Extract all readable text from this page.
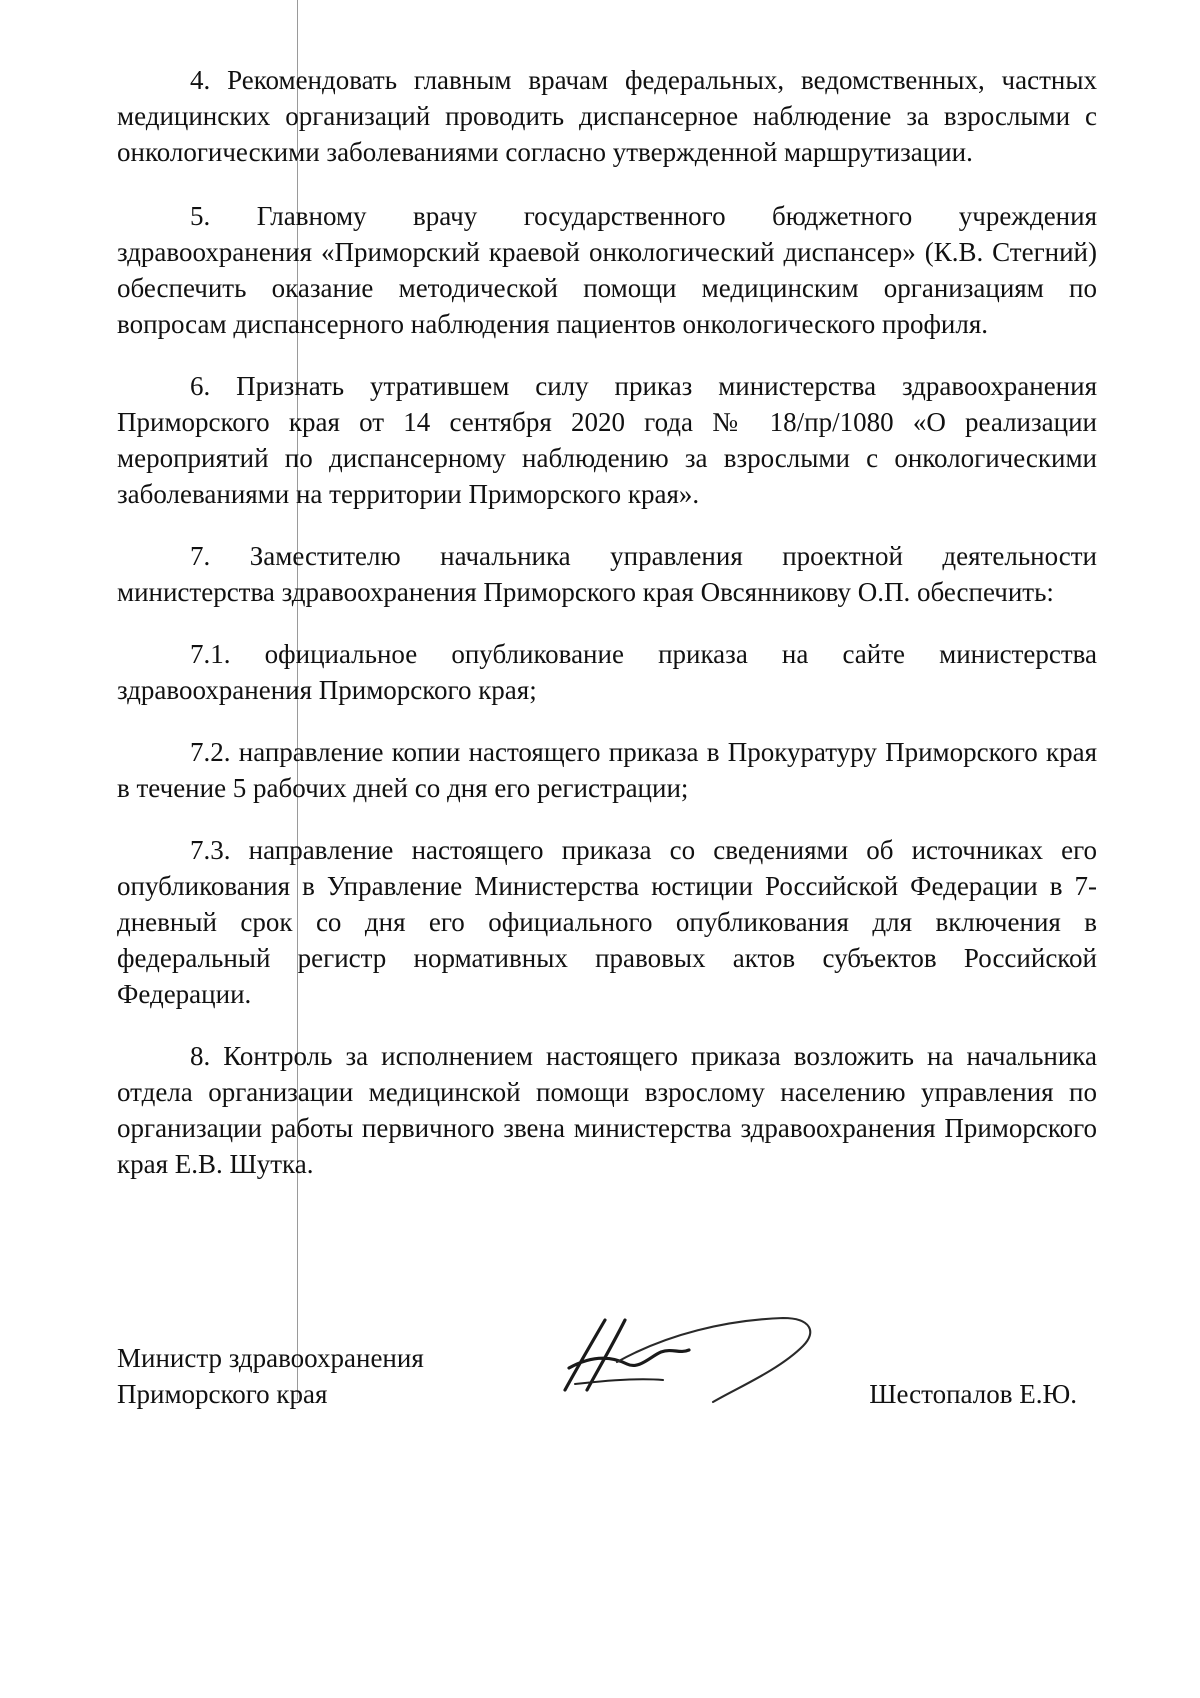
4. Рекомендовать главным врачам федеральных, ведомственных, частных медицинских организаций проводить диспансерное наблюдение за взрослыми с онкологическими заболеваниями согласно утвержденной маршрутизации.

5. Главному врачу государственного бюджетного учреждения здравоохранения «Приморский краевой онкологический диспансер» (К.В. Стегний) обеспечить оказание методической помощи медицинским организациям по вопросам диспансерного наблюдения пациентов онкологического профиля.

6. Признать утратившем силу приказ министерства здравоохранения Приморского края от 14 сентября 2020 года № 18/пр/1080 «О реализации мероприятий по диспансерному наблюдению за взрослыми с онкологическими заболеваниями на территории Приморского края».

7. Заместителю начальника управления проектной деятельности министерства здравоохранения Приморского края Овсянникову О.П. обеспечить:

7.1. официальное опубликование приказа на сайте министерства здравоохранения Приморского края;

7.2. направление копии настоящего приказа в Прокуратуру Приморского края в течение 5 рабочих дней со дня его регистрации;

7.3. направление настоящего приказа со сведениями об источниках его опубликования в Управление Министерства юстиции Российской Федерации в 7-дневный срок со дня его официального опубликования для включения в федеральный регистр нормативных правовых актов субъектов Российской Федерации.

8. Контроль за исполнением настоящего приказа возложить на начальника отдела организации медицинской помощи взрослому населению управления по организации работы первичного звена министерства здравоохранения Приморского края Е.В. Шутка.

Министр здравоохранения
Приморского края	Шестопалов Е.Ю.
